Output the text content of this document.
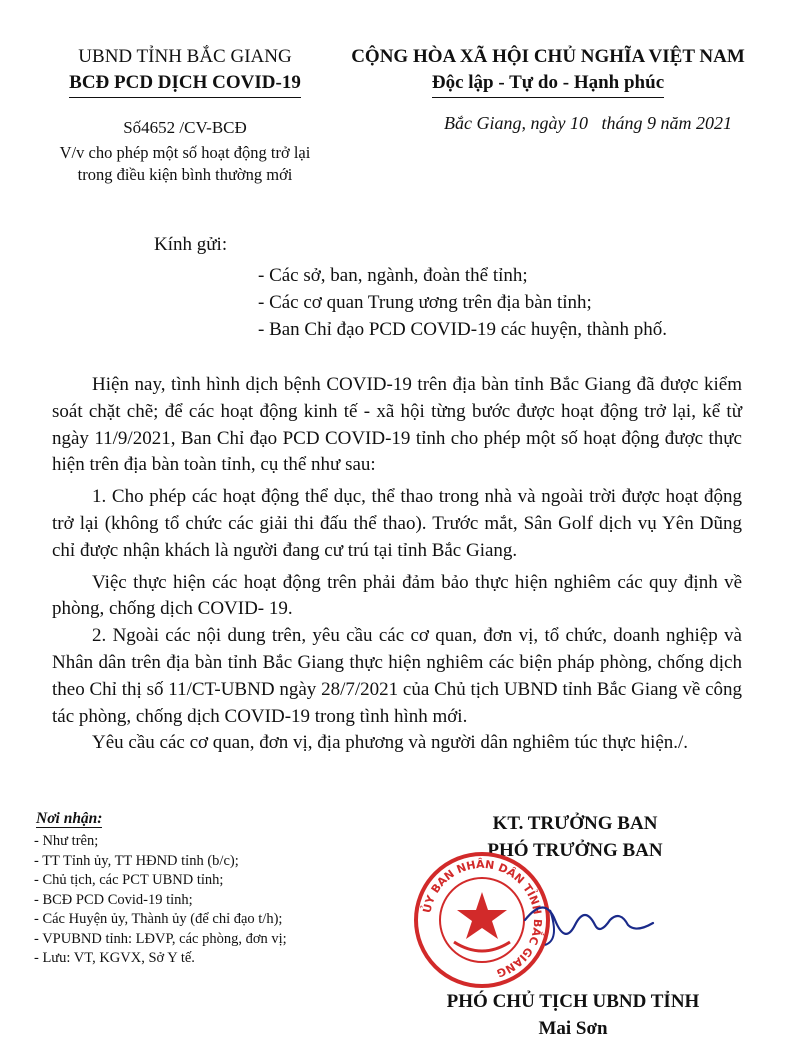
UBND TỈNH BẮC GIANG
BCĐ PCD DỊCH COVID-19
CỘNG HÒA XÃ HỘI CHỦ NGHĨA VIỆT NAM
Độc lập - Tự do - Hạnh phúc
Số4652 /CV-BCĐ
V/v cho phép một số hoạt động trở lại
trong điều kiện bình thường mới
Bắc Giang, ngày 10   tháng 9 năm 2021
Kính gửi:
- Các sở, ban, ngành, đoàn thể tỉnh;
- Các cơ quan Trung ương trên địa bàn tỉnh;
- Ban Chỉ đạo PCD COVID-19 các huyện, thành phố.

Hiện nay, tình hình dịch bệnh COVID-19 trên địa bàn tỉnh Bắc Giang đã được kiểm soát chặt chẽ; để các hoạt động kinh tế - xã hội từng bước được hoạt động trở lại, kể từ ngày 11/9/2021, Ban Chỉ đạo PCD COVID-19 tỉnh cho phép một số hoạt động được thực hiện trên địa bàn toàn tỉnh, cụ thể như sau:

1. Cho phép các hoạt động thể dục, thể thao trong nhà và ngoài trời được hoạt động trở lại (không tổ chức các giải thi đấu thể thao). Trước mắt, Sân Golf dịch vụ Yên Dũng chỉ được nhận khách là người đang cư trú tại tỉnh Bắc Giang.

Việc thực hiện các hoạt động trên phải đảm bảo thực hiện nghiêm các quy định về phòng, chống dịch COVID- 19.

2. Ngoài các nội dung trên, yêu cầu các cơ quan, đơn vị, tổ chức, doanh nghiệp và Nhân dân trên địa bàn tỉnh Bắc Giang thực hiện nghiêm các biện pháp phòng, chống dịch theo Chỉ thị số 11/CT-UBND ngày 28/7/2021 của Chủ tịch UBND tỉnh Bắc Giang về công tác phòng, chống dịch COVID-19 trong tình hình mới.

Yêu cầu các cơ quan, đơn vị, địa phương và người dân nghiêm túc thực hiện./.

Nơi nhận:
- Như trên;
- TT Tỉnh ủy, TT HĐND tỉnh (b/c);
- Chủ tịch, các PCT UBND tỉnh;
- BCĐ PCD Covid-19 tỉnh;
- Các Huyện ủy, Thành ủy (để chỉ đạo t/h);
- VPUBND tỉnh: LĐVP, các phòng, đơn vị;
- Lưu: VT, KGVX, Sở Y tế.
KT. TRƯỞNG BAN
PHÓ TRƯỞNG BAN
ỦY BAN NHÂN DÂN TỈNH BẮC GIANG
PHÓ CHỦ TỊCH UBND TỈNH
Mai Sơn
